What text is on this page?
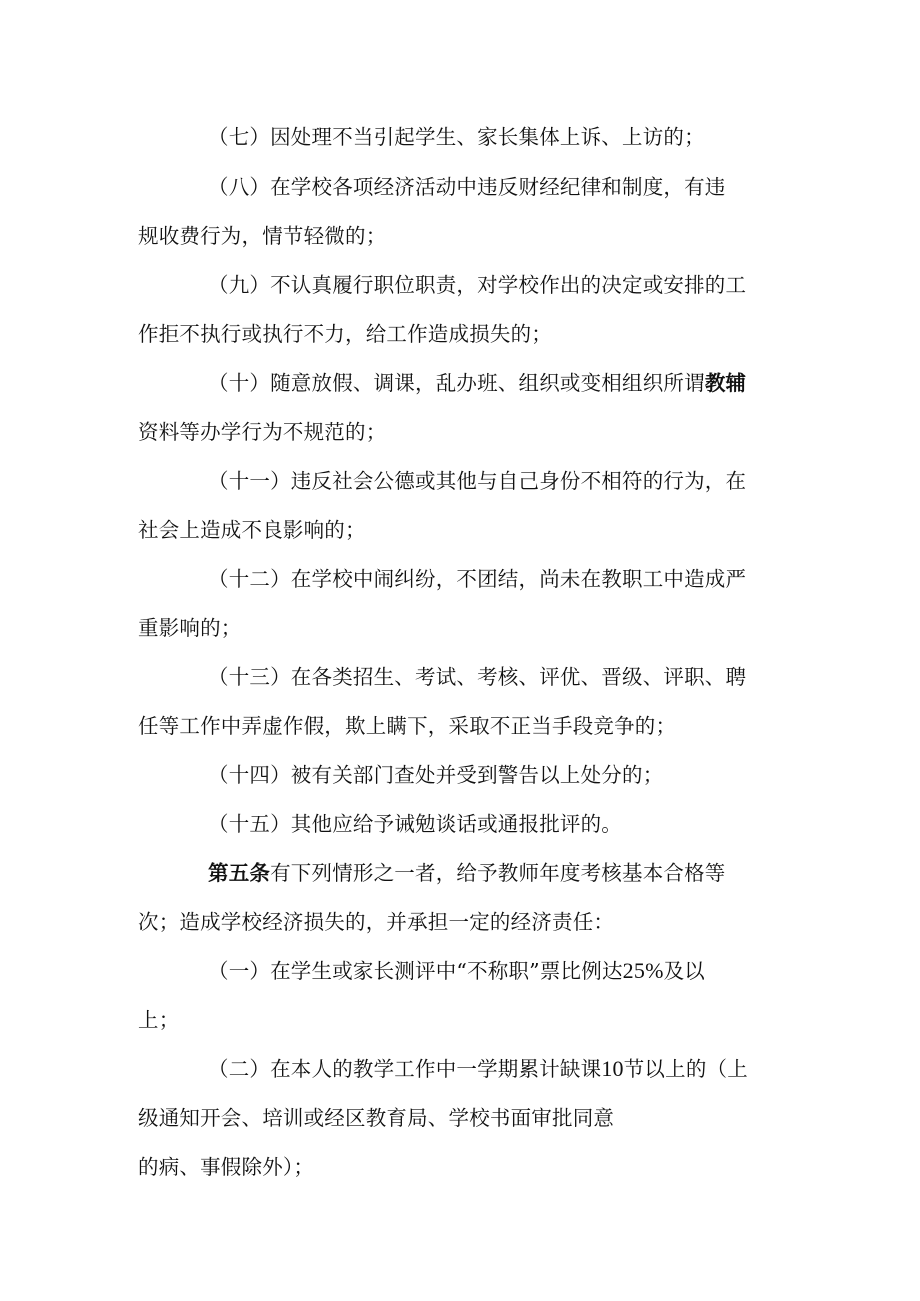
（七）因处理不当引起学生、家长集体上诉、上访的；
（八）在学校各项经济活动中违反财经纪律和制度，有违
规收费行为，情节轻微的；
（九）不认真履行职位职责，对学校作出的决定或安排的工
作拒不执行或执行不力，给工作造成损失的；
（十）随意放假、调课，乱办班、组织或变相组织所谓教辅
资料等办学行为不规范的；
（十一）违反社会公德或其他与自己身份不相符的行为，在
社会上造成不良影响的；
（十二）在学校中闹纠纷，不团结，尚未在教职工中造成严
重影响的；
（十三）在各类招生、考试、考核、评优、晋级、评职、聘
任等工作中弄虚作假，欺上瞒下，采取不正当手段竞争的；
（十四）被有关部门查处并受到警告以上处分的；
（十五）其他应给予诫勉谈话或通报批评的。
第五条有下列情形之一者，给予教师年度考核基本合格等
次；造成学校经济损失的，并承担一定的经济责任：
（一）在学生或家长测评中“不称职”票比例达25%及以
上；
（二）在本人的教学工作中一学期累计缺课10节以上的（上
级通知开会、培训或经区教育局、学校书面审批同意
的病、事假除外）；
